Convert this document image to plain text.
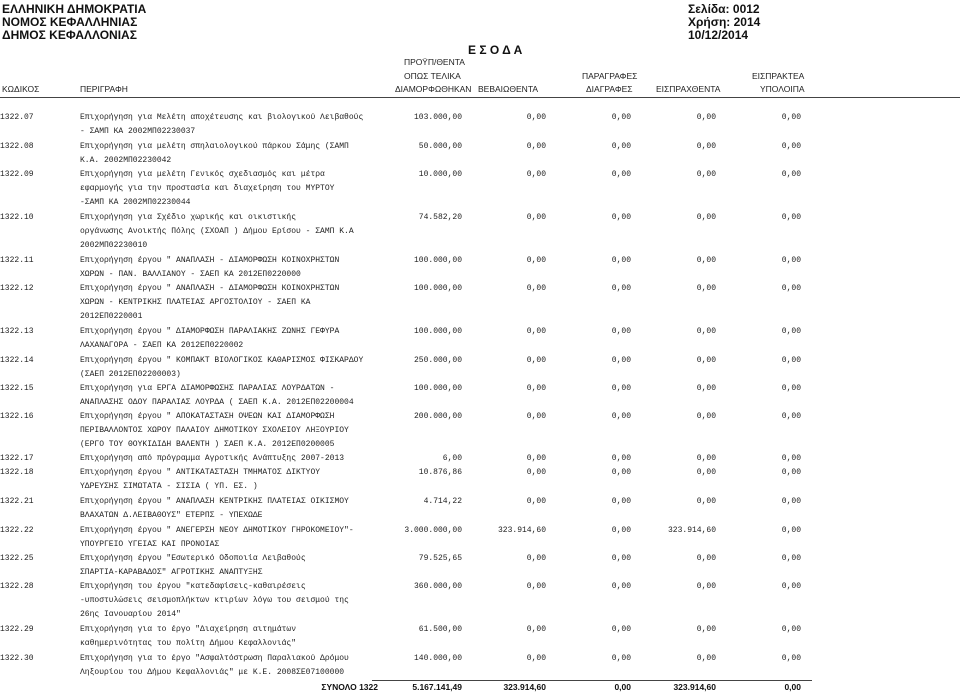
ΕΛΛΗΝΙΚΗ ΔΗΜΟΚΡΑΤΙΑ
ΝΟΜΟΣ ΚΕΦΑΛΛΗΝΙΑΣ
ΔΗΜΟΣ ΚΕΦΑΛΛΟΝΙΑΣ
Σελίδα: 0012
Χρήση: 2014
10/12/2014
Ε Σ Ο Δ Α
ΠΡΟΫΠ/ΘΕΝΤΑ
ΟΠΩΣ ΤΕΛΙΚΑ	ΠΑΡΑΓΡΑΦΕΣ	ΕΙΣΠΡΑΚΤΕΑ
ΚΩΔΙΚΟΣ	ΠΕΡΙΓΡΑΦΗ	ΔΙΑΜΟΡΦΩΘΗΚΑΝ ΒΕΒΑΙΩΘΕΝΤΑ	ΔΙΑΓΡΑΦΕΣ	ΕΙΣΠΡΑΧΘΕΝΤΑ	ΥΠΟΛΟΙΠΑ
1322.07	Επιχορήγηση για Μελέτη αποχέτευσης και βιολογικού Λειβαθούς
- ΣΑΜΠ ΚΑ 2002ΜΠ02230037
103.000,00	0,00	0,00	0,00	0,00
1322.08	Επιχορήγηση για μελέτη σπηλαιολογικού πάρκου Σάμης (ΣΑΜΠ
Κ.Α. 2002ΜΠ02230042
50.000,00	0,00	0,00	0,00	0,00
1322.09	Επιχορήγηση για μελέτη Γενικός σχεδιασμός και μέτρα
εφαρμογής για την προστασία και διαχείρηση του ΜΥΡΤΟΥ
-ΣΑΜΠ ΚΑ 2002ΜΠ02230044
10.000,00	0,00	0,00	0,00	0,00
1322.10	Επιχορήγηση για Σχέδιο χωρικής και οικιστικής
οργάνωσης Ανοικτής Πόλης (ΣΧΟΑΠ ) Δήμου Ερίσου - ΣΑΜΠ Κ.Α
2002ΜΠ02230010
74.582,20	0,00	0,00	0,00	0,00
1322.11	Επιχορήγηση έργου " ΑΝΑΠΛΑΣΗ - ΔΙΑΜΟΡΦΩΣΗ ΚΟΙΝΟΧΡΗΣΤΩΝ
ΧΩΡΩΝ - ΠΑΝ. ΒΑΛΛΙΑΝΟΥ - ΣΑΕΠ ΚΑ 2012ΕΠ0220000
100.000,00	0,00	0,00	0,00	0,00
1322.12	Επιχορήγηση έργου " ΑΝΑΠΛΑΣΗ - ΔΙΑΜΟΡΦΩΣΗ ΚΟΙΝΟΧΡΗΣΤΩΝ
ΧΩΡΩΝ - ΚΕΝΤΡΙΚΗΣ ΠΛΑΤΕΙΑΣ ΑΡΓΟΣΤΟΛΙΟΥ - ΣΑΕΠ ΚΑ
2012ΕΠ0220001
100.000,00	0,00	0,00	0,00	0,00
1322.13	Επιχορήγηση έργου " ΔΙΑΜΟΡΦΩΣΗ ΠΑΡΑΛΙΑΚΗΣ ΖΩΝΗΣ ΓΕΦΥΡΑ
ΛΑΧΑΝΑΓΟΡΑ - ΣΑΕΠ ΚΑ 2012ΕΠ0220002
100.000,00	0,00	0,00	0,00	0,00
1322.14	Επιχορήγηση έργου " ΚΟΜΠΑΚΤ ΒΙΟΛΟΓΙΚΟΣ ΚΑΘΑΡΙΣΜΟΣ ΦΙΣΚΑΡΔΟΥ
(ΣΑΕΠ 2012ΕΠ02200003)
250.000,00	0,00	0,00	0,00	0,00
1322.15	Επιχορήγηση για ΕΡΓΑ ΔΙΑΜΟΡΦΩΣΗΣ ΠΑΡΑΛΙΑΣ ΛΟΥΡΔΑΤΩΝ -
ΑΝΑΠΛΑΣΗΣ ΟΔΟΥ ΠΑΡΑΛΙΑΣ ΛΟΥΡΔΑ ( ΣΑΕΠ Κ.Α. 2012ΕΠ02200004
100.000,00	0,00	0,00	0,00	0,00
1322.16	Επιχορήγηση έργου " ΑΠΟΚΑΤΑΣΤΑΣΗ ΟΨΕΩΝ ΚΑΙ ΔΙΑΜΟΡΦΩΣΗ
ΠΕΡΙΒΑΛΛΟΝΤΟΣ ΧΩΡΟΥ ΠΑΛΑΙΟΥ ΔΗΜΟΤΙΚΟΥ ΣΧΟΛΕΙΟΥ ΛΗΞΟΥΡΙΟΥ
(ΕΡΓΟ ΤΟΥ ΘΟΥΚΙΔΙΔΗ ΒΑΛΕΝΤΗ ) ΣΑΕΠ Κ.Α. 2012ΕΠ0200005
200.000,00	0,00	0,00	0,00	0,00
1322.17	Επιχορήγηση από πρόγραμμα Αγροτικής Ανάπτυξης 2007-2013	6,00	0,00	0,00	0,00	0,00
1322.18	Επιχορήγηση έργου " ΑΝΤΙΚΑΤΑΣΤΑΣΗ ΤΜΗΜΑΤΟΣ ΔΙΚΤΥΟΥ
ΥΔΡΕΥΣΗΣ ΣΙΜΩΤΑΤΑ - ΣΙΣΙΑ ( ΥΠ. ΕΣ. )
10.876,86	0,00	0,00	0,00	0,00
1322.21	Επιχορήγηση έργου " ΑΝΑΠΛΑΣΗ ΚΕΝΤΡΙΚΗΣ ΠΛΑΤΕΙΑΣ ΟΙΚΙΣΜΟΥ
ΒΛΑΧΑΤΩΝ Δ.ΛΕΙΒΑΘΟΥΣ" ΕΤΕΡΠΣ - ΥΠΕΧΩΔΕ
4.714,22	0,00	0,00	0,00	0,00
1322.22	Επιχορήγηση έργου " ΑΝΕΓΕΡΣΗ ΝΕΟΥ ΔΗΜΟΤΙΚΟΥ ΓΗΡΟΚΟΜΕΙΟΥ"-
ΥΠΟΥΡΓΕΙΟ ΥΓΕΙΑΣ ΚΑΙ ΠΡΟΝΟΙΑΣ
3.000.000,00	323.914,60	0,00	323.914,60	0,00
1322.25	Επιχορήγηση έργου "Εσωτερικό Οδοποιία Λειβαθούς
ΣΠΑΡΤΙΑ-ΚΑΡΑΒΑΔΟΣ" ΑΓΡΟΤΙΚΗΣ ΑΝΑΠΤΥΞΗΣ
79.525,65	0,00	0,00	0,00	0,00
1322.28	Επιχορήγηση του έργου "κατεδαφίσεις-καθαιρέσεις
-υποστυλώσεις σεισμοπλήκτων κτιρίων λόγω του σεισμού της
26ης Ιανουαρίου 2014"
360.000,00	0,00	0,00	0,00	0,00
1322.29	Επιχορήγηση για το έργο "Διαχείρηση αιτημάτων
καθημερινότητας του πολίτη Δήμου Κεφαλλονιάς"
61.500,00	0,00	0,00	0,00	0,00
1322.30	Επιχορήγηση για το έργο "Ασφαλτόστρωση Παραλιακού Δρόμου
Ληξουρίου του Δήμου Κεφαλλονιάς" με Κ.Ε. 2008ΣΕ07100000
140.000,00	0,00	0,00	0,00	0,00
ΣΥΝΟΛΟ 1322	5.167.141,49	323.914,60	0,00	323.914,60	0,00
